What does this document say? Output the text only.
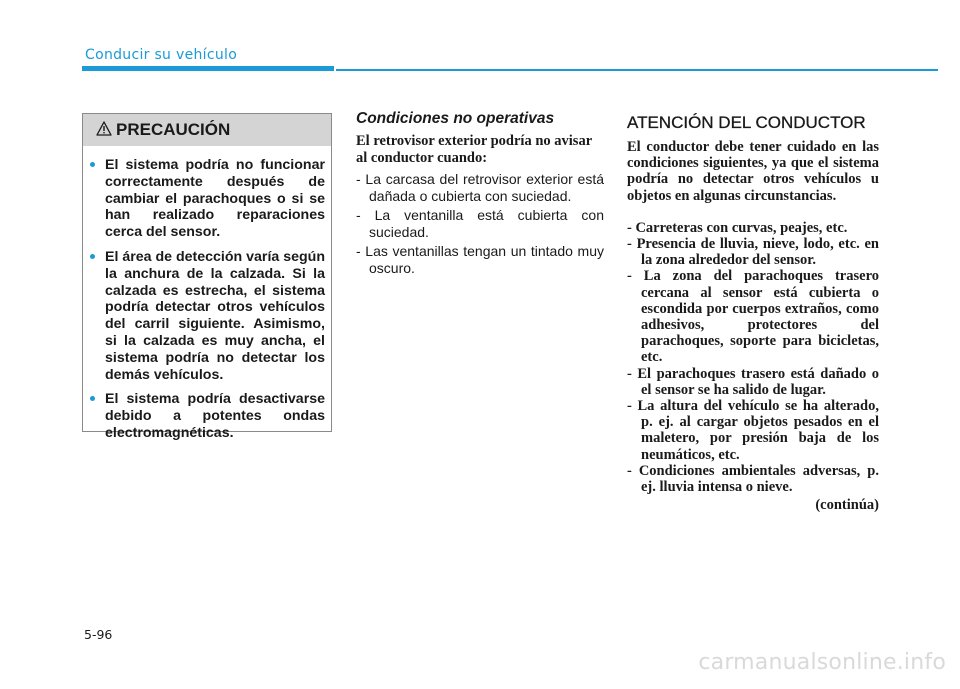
Conducir su vehículo
PRECAUCIÓN
El sistema podría no funcionar correctamente después de cambiar el parachoques o si se han realizado reparaciones cerca del sensor.
El área de detección varía según la anchura de la calzada. Si la calzada es estrecha, el sistema podría detectar otros vehículos del carril siguiente. Asimismo, si la calzada es muy ancha, el sistema podría no detectar los demás vehículos.
El sistema podría desactivarse debido a potentes ondas electromagnéticas.
Condiciones no operativas
El retrovisor exterior podría no avisar al conductor cuando:
- La carcasa del retrovisor exterior está dañada o cubierta con suciedad.
- La ventanilla está cubierta con suciedad.
- Las ventanillas tengan un tintado muy oscuro.
ATENCIÓN DEL CONDUCTOR
El conductor debe tener cuidado en las condiciones siguientes, ya que el sistema podría no detectar otros vehículos u objetos en algunas circunstancias.
- Carreteras con curvas, peajes, etc.
- Presencia de lluvia, nieve, lodo, etc. en la zona alrededor del sensor.
- La zona del parachoques trasero cercana al sensor está cubierta o escondida por cuerpos extraños, como adhesivos, protectores del parachoques, soporte para bicicletas, etc.
- El parachoques trasero está dañado o el sensor se ha salido de lugar.
- La altura del vehículo se ha alterado, p. ej. al cargar objetos pesados en el maletero, por presión baja de los neumáticos, etc.
- Condiciones ambientales adversas, p. ej. lluvia intensa o nieve.
(continúa)
5-96
carmanualsonline.info
